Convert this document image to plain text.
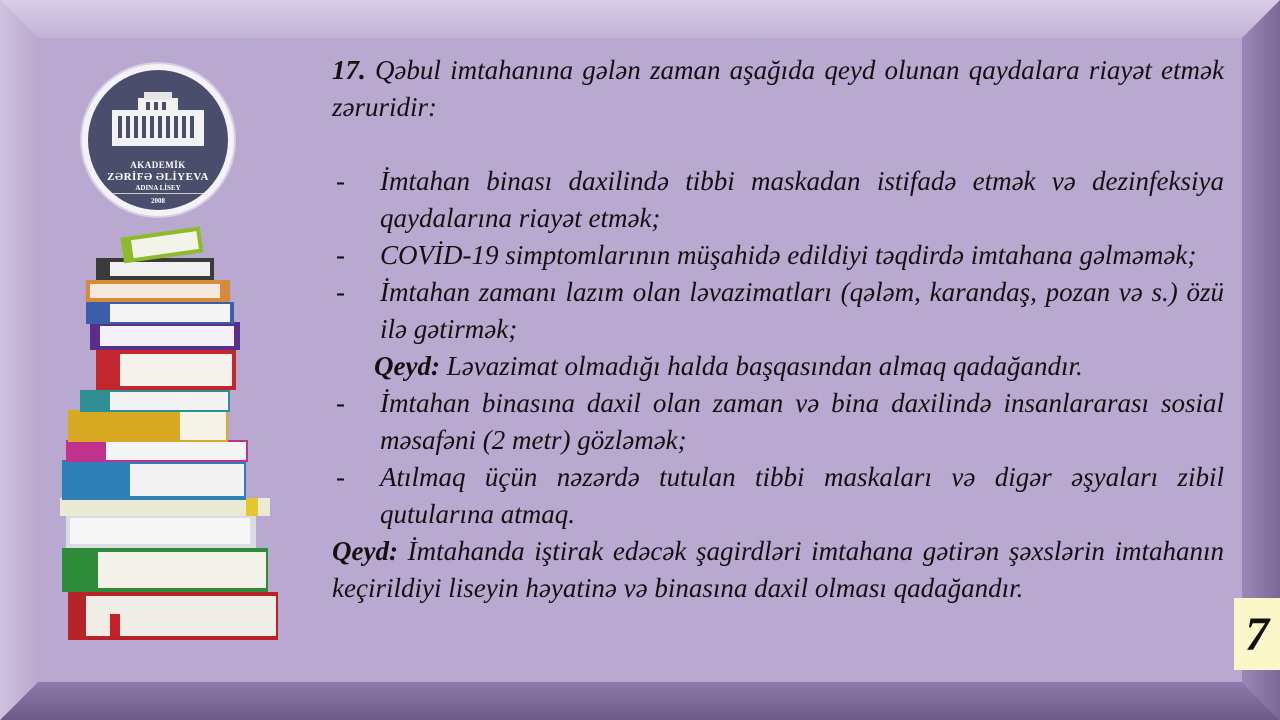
AKADEMİK
ZƏRİFƏ ƏLİYEVA
ADINA LİSEY
2008

17. Qəbul imtahanına gələn zaman aşağıda qeyd olunan qaydalara riayət etmək zəruridir:

- İmtahan binası daxilində tibbi maskadan istifadə etmək və dezinfeksiya qaydalarına riayət etmək;
- COVİD-19 simptomlarının müşahidə edildiyi təqdirdə imtahana gəlməmək;
- İmtahan zamanı lazım olan ləvazimatları (qələm, karandaş, pozan və s.) özü ilə gətirmək;
Qeyd: Ləvazimat olmadığı halda başqasından almaq qadağandır.
- İmtahan binasına daxil olan zaman və bina daxilində insanlararası sosial məsafəni (2 metr) gözləmək;
- Atılmaq üçün nəzərdə tutulan tibbi maskaları və digər əşyaları zibil qutularına atmaq.

Qeyd: İmtahanda iştirak edəcək şagirdləri imtahana gətirən şəxslərin imtahanın keçirildiyi liseyin həyatinə və binasına daxil olması qadağandır.

7
